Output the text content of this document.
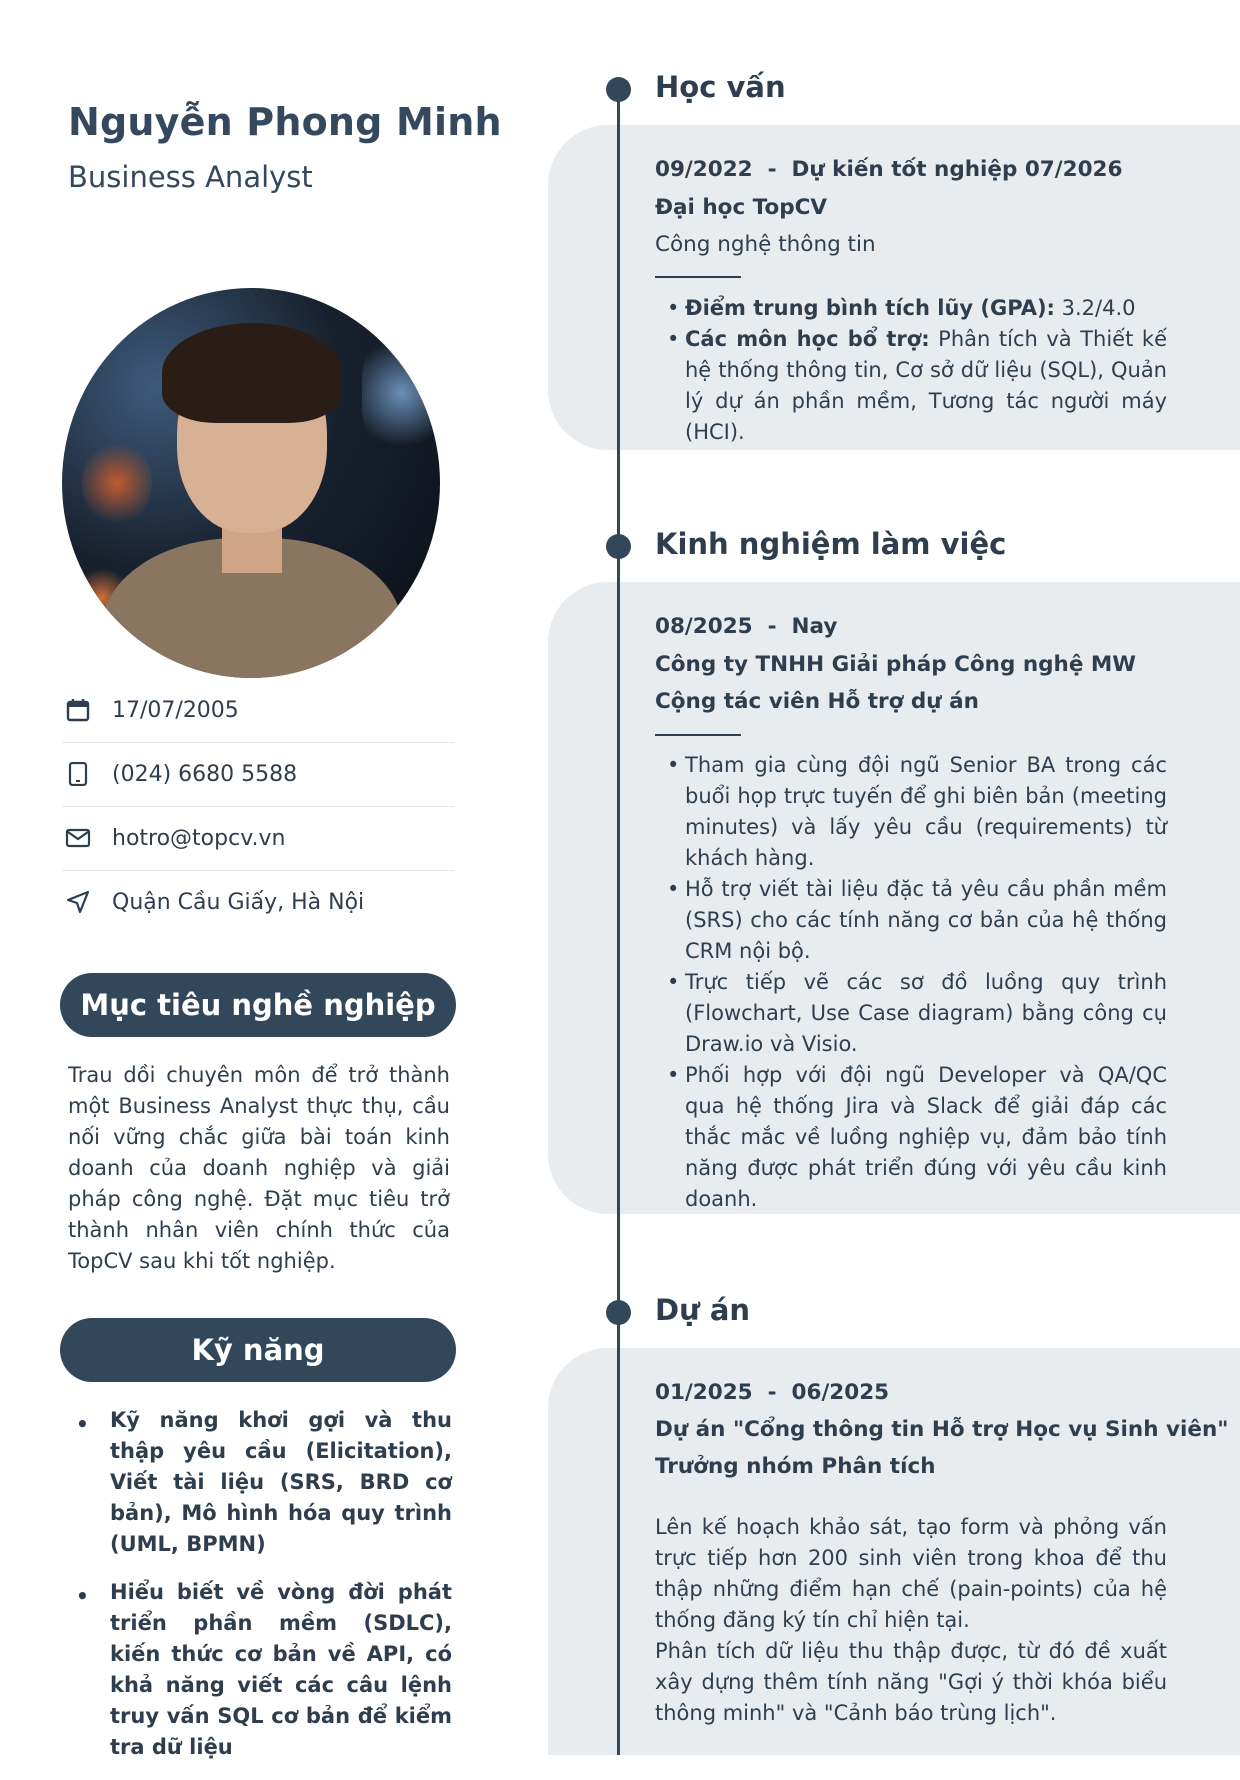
Nguyễn Phong Minh
Business Analyst
17/07/2005
(024) 6680 5588
hotro@topcv.vn
Quận Cầu Giấy, Hà Nội
Mục tiêu nghề nghiệp
Trau dồi chuyên môn để trở thành một Business Analyst thực thụ, cầu nối vững chắc giữa bài toán kinh doanh của doanh nghiệp và giải pháp công nghệ. Đặt mục tiêu trở thành nhân viên chính thức của TopCV sau khi tốt nghiệp.
Kỹ năng
• Kỹ năng khơi gợi và thu thập yêu cầu (Elicitation), Viết tài liệu (SRS, BRD cơ bản), Mô hình hóa quy trình (UML, BPMN)
• Hiểu biết về vòng đời phát triển phần mềm (SDLC), kiến thức cơ bản về API, có khả năng viết các câu lệnh truy vấn SQL cơ bản để kiểm tra dữ liệu
Học vấn
09/2022 - Dự kiến tốt nghiệp 07/2026
Đại học TopCV
Công nghệ thông tin
• Điểm trung bình tích lũy (GPA): 3.2/4.0
• Các môn học bổ trợ: Phân tích và Thiết kế hệ thống thông tin, Cơ sở dữ liệu (SQL), Quản lý dự án phần mềm, Tương tác người máy (HCI).
Kinh nghiệm làm việc
08/2025 - Nay
Công ty TNHH Giải pháp Công nghệ MW
Cộng tác viên Hỗ trợ dự án
• Tham gia cùng đội ngũ Senior BA trong các buổi họp trực tuyến để ghi biên bản (meeting minutes) và lấy yêu cầu (requirements) từ khách hàng.
• Hỗ trợ viết tài liệu đặc tả yêu cầu phần mềm (SRS) cho các tính năng cơ bản của hệ thống CRM nội bộ.
• Trực tiếp vẽ các sơ đồ luồng quy trình (Flowchart, Use Case diagram) bằng công cụ Draw.io và Visio.
• Phối hợp với đội ngũ Developer và QA/QC qua hệ thống Jira và Slack để giải đáp các thắc mắc về luồng nghiệp vụ, đảm bảo tính năng được phát triển đúng với yêu cầu kinh doanh.
Dự án
01/2025 - 06/2025
Dự án "Cổng thông tin Hỗ trợ Học vụ Sinh viên"
Trưởng nhóm Phân tích
Lên kế hoạch khảo sát, tạo form và phỏng vấn trực tiếp hơn 200 sinh viên trong khoa để thu thập những điểm hạn chế (pain-points) của hệ thống đăng ký tín chỉ hiện tại.
Phân tích dữ liệu thu thập được, từ đó đề xuất xây dựng thêm tính năng "Gợi ý thời khóa biểu thông minh" và "Cảnh báo trùng lịch".
